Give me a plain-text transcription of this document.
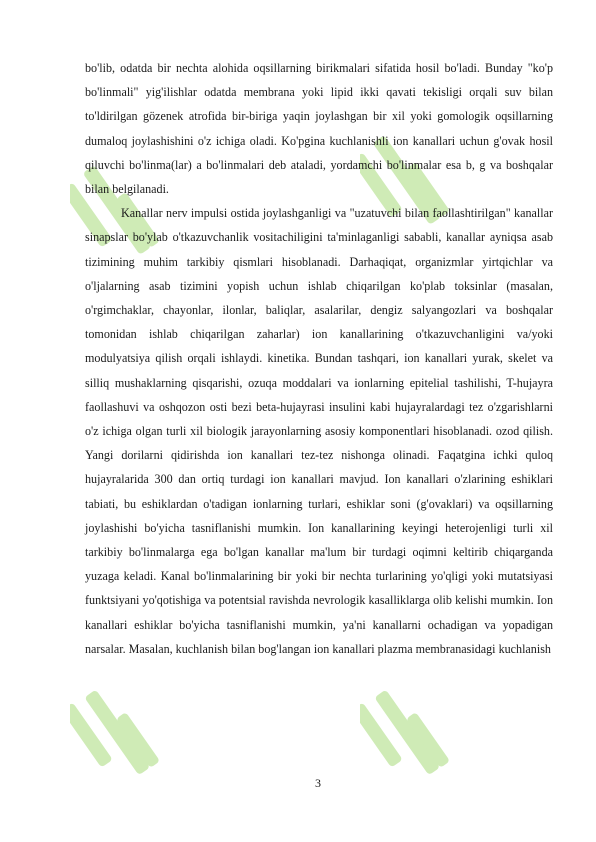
bo'lib, odatda bir nechta alohida oqsillarning birikmalari sifatida hosil bo'ladi. Bunday "ko'p bo'linmali" yig'ilishlar odatda membrana yoki lipid ikki qavati tekisligi orqali suv bilan to'ldirilgan gözenek atrofida bir-biriga yaqin joylashgan bir xil yoki gomologik oqsillarning dumaloq joylashishini o'z ichiga oladi. Ko'pgina kuchlanishli ion kanallari uchun g'ovak hosil qiluvchi bo'linma(lar) a bo'linmalari deb ataladi, yordamchi bo'linmalar esa b, g va boshqalar bilan belgilanadi.

Kanallar nerv impulsi ostida joylashganligi va "uzatuvchi bilan faollashtirilgan" kanallar sinapslar bo'ylab o'tkazuvchanlik vositachiligini ta'minlaganligi sababli, kanallar ayniqsa asab tizimining muhim tarkibiy qismlari hisoblanadi. Darhaqiqat, organizmlar yirtqichlar va o'ljalarning asab tizimini yopish uchun ishlab chiqarilgan ko'plab toksinlar (masalan, o'rgimchaklar, chayonlar, ilonlar, baliqlar, asalarilar, dengiz salyangozlari va boshqalar tomonidan ishlab chiqarilgan zaharlar) ion kanallarining o'tkazuvchanligini va/yoki modulyatsiya qilish orqali ishlaydi. kinetika. Bundan tashqari, ion kanallari yurak, skelet va silliq mushaklarning qisqarishi, ozuqa moddalari va ionlarning epitelial tashilishi, T-hujayra faollashuvi va oshqozon osti bezi beta-hujayrasi insulini kabi hujayralardagi tez o'zgarishlarni o'z ichiga olgan turli xil biologik jarayonlarning asosiy komponentlari hisoblanadi. ozod qilish. Yangi dorilarni qidirishda ion kanallari tez-tez nishonga olinadi. Faqatgina ichki quloq hujayralarida 300 dan ortiq turdagi ion kanallari mavjud. Ion kanallari o'zlarining eshiklari tabiati, bu eshiklardan o'tadigan ionlarning turlari, eshiklar soni (g'ovaklari) va oqsillarning joylashishi bo'yicha tasniflanishi mumkin. Ion kanallarining keyingi heterojenligi turli xil tarkibiy bo'linmalarga ega bo'lgan kanallar ma'lum bir turdagi oqimni keltirib chiqarganda yuzaga keladi. Kanal bo'linmalarining bir yoki bir nechta turlarining yo'qligi yoki mutatsiyasi funktsiyani yo'qotishiga va potentsial ravishda nevrologik kasalliklarga olib kelishi mumkin. Ion kanallari eshiklar bo'yicha tasniflanishi mumkin, ya'ni kanallarni ochadigan va yopadigan narsalar. Masalan, kuchlanish bilan bog'langan ion kanallari plazma membranasidagi kuchlanish

3
